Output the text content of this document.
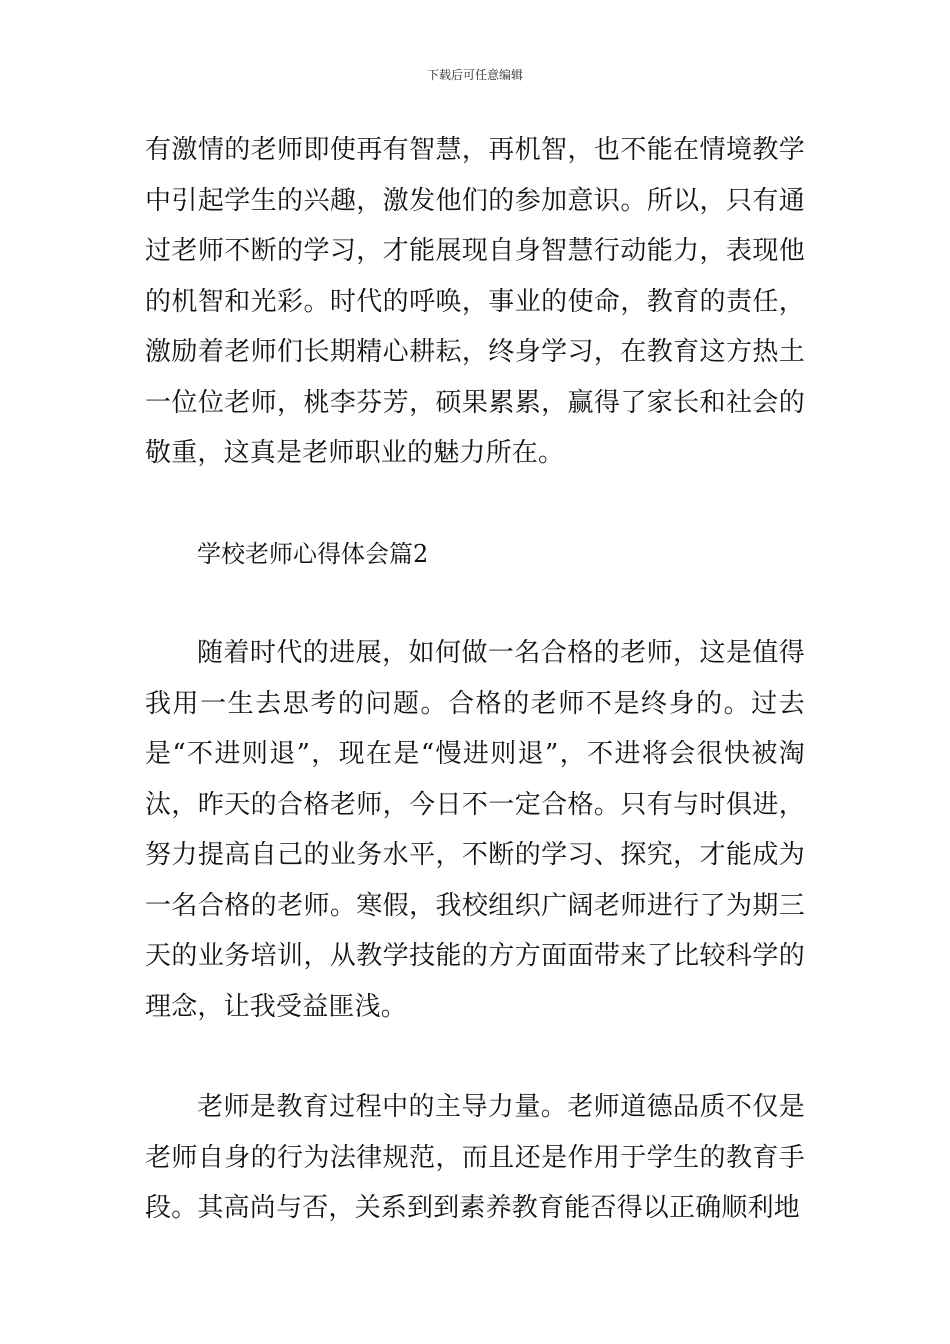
下载后可任意编辑

有激情的老师即使再有智慧，再机智，也不能在情境教学中引起学生的兴趣，激发他们的参加意识。所以，只有通过老师不断的学习，才能展现自身智慧行动能力，表现他的机智和光彩。时代的呼唤，事业的使命，教育的责任，激励着老师们长期精心耕耘，终身学习，在教育这方热土一位位老师，桃李芬芳，硕果累累，赢得了家长和社会的敬重，这真是老师职业的魅力所在。

学校老师心得体会篇2

随着时代的进展，如何做一名合格的老师，这是值得我用一生去思考的问题。合格的老师不是终身的。过去是“不进则退”，现在是“慢进则退”，不进将会很快被淘汰，昨天的合格老师，今日不一定合格。只有与时俱进，努力提高自己的业务水平，不断的学习、探究，才能成为一名合格的老师。寒假，我校组织广阔老师进行了为期三天的业务培训，从教学技能的方方面面带来了比较科学的理念，让我受益匪浅。

老师是教育过程中的主导力量。老师道德品质不仅是老师自身的行为法律规范，而且还是作用于学生的教育手段。其高尚与否，关系到到素养教育能否得以正确顺利地
